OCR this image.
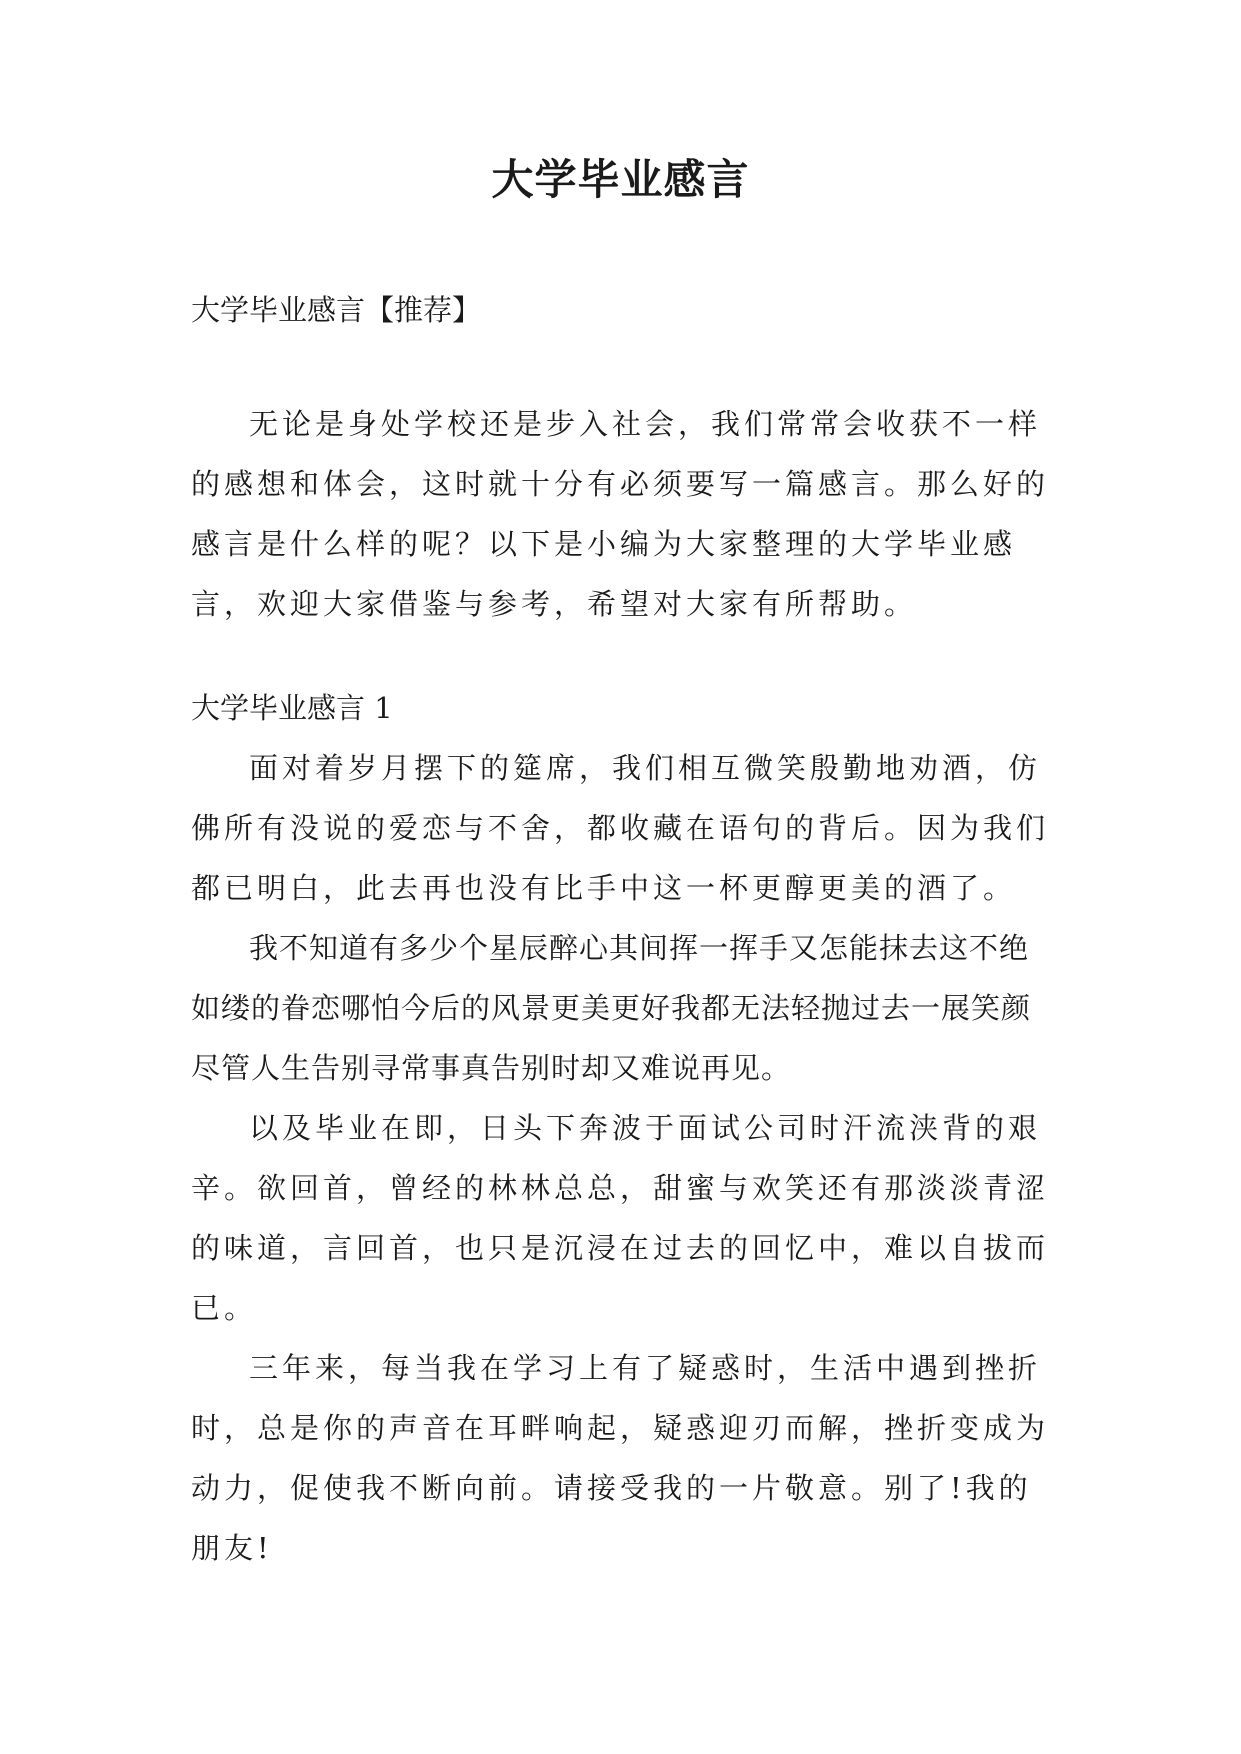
大学毕业感言

大学毕业感言【推荐】

无论是身处学校还是步入社会，我们常常会收获不一样的感想和体会，这时就十分有必须要写一篇感言。那么好的感言是什么样的呢？以下是小编为大家整理的大学毕业感言，欢迎大家借鉴与参考，希望对大家有所帮助。

大学毕业感言 1

面对着岁月摆下的筵席，我们相互微笑殷勤地劝酒，仿佛所有没说的爱恋与不舍，都收藏在语句的背后。因为我们都已明白，此去再也没有比手中这一杯更醇更美的酒了。

我不知道有多少个星辰醉心其间挥一挥手又怎能抹去这不绝如缕的眷恋哪怕今后的风景更美更好我都无法轻抛过去一展笑颜尽管人生告别寻常事真告别时却又难说再见。

以及毕业在即，日头下奔波于面试公司时汗流浃背的艰辛。欲回首，曾经的林林总总，甜蜜与欢笑还有那淡淡青涩的味道，言回首，也只是沉浸在过去的回忆中，难以自拔而已。

三年来，每当我在学习上有了疑惑时，生活中遇到挫折时，总是你的声音在耳畔响起，疑惑迎刃而解，挫折变成为动力，促使我不断向前。请接受我的一片敬意。别了!我的朋友!
